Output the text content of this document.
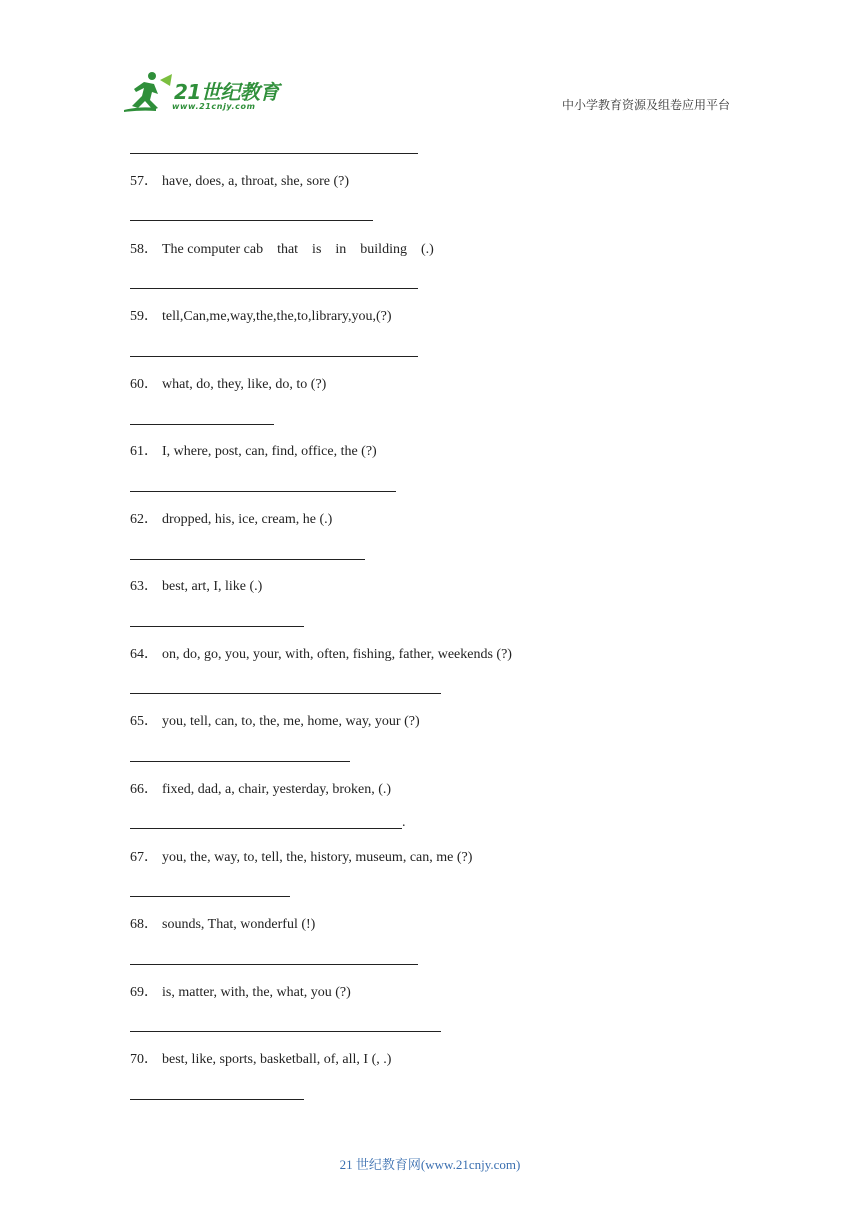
21世纪教育
www.21cnjy.com	中小学教育资源及组卷应用平台
57． have, does, a, throat, she, sore (?)
58． The computer cab    that    is    in    building    (.)
59． tell,Can,me,way,the,the,to,library,you,(?)
60． what, do, they, like, do, to (?)
61． I, where, post, can, find, office, the (?)
62． dropped, his, ice, cream, he (.)
63． best, art, I, like (.)
64． on, do, go, you, your, with, often, fishing, father, weekends (?)
65． you, tell, can, to, the, me, home, way, your (?)
66． fixed, dad, a, chair, yesterday, broken, (.)
.
67． you, the, way, to, tell, the, history, museum, can, me (?)
68． sounds, That, wonderful (!)
69． is, matter, with, the, what, you (?)
70． best, like, sports, basketball, of, all, I (, .)
21 世纪教育网(www.21cnjy.com)
